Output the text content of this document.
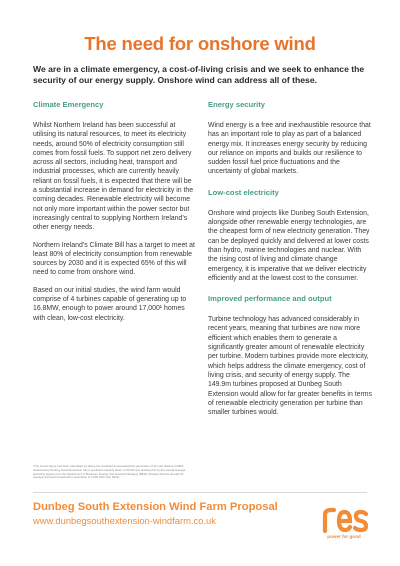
The need for onshore wind
We are in a climate emergency, a cost-of-living crisis and we seek to enhance the security of our energy supply. Onshore wind can address all of these.
Climate Emergency
Whilst Northern Ireland has been successful at utilising its natural resources, to meet its electricity needs, around 50% of electricity consumption still comes from fossil fuels. To support net zero delivery across all sectors, including heat, transport and industrial processes, which are currently heavily reliant on fossil fuels, it is expected that there will be a substantial increase in demand for electricity in the coming decades. Renewable electricity will become not only more important within the power sector but increasingly central to supplying Northern Ireland’s other energy needs.
Northern Ireland’s Climate Bill has a target to meet at least 80% of electricity consumption from renewable sources by 2030 and it is expected 65% of this will need to come from onshore wind.
Based on our initial studies, the wind farm would comprise of 4 turbines capable of generating up to 16.8MW, enough to power around 17,000¹ homes with clean, low-cost electricity.
¹The homes figure has been calculated by taking the predicted annual electricity generation of the site (based on RES assessment) Dunbeg South Extension has a predicted capacity factor of 30.5% and dividing this by the annual average electricity figures from the Department of Business, Energy and Industrial Strategy (BEIS) showing that the annual UK average domestic household consumption is 3,290 kWh (Jan 2024).
Energy security
Wind energy is a free and inexhaustible resource that has an important role to play as part of a balanced energy mix. It increases energy security by reducing our reliance on imports and builds our resilience to sudden fossil fuel price fluctuations and the uncertainty of global markets.
Low-cost electricity
Onshore wind projects like Dunbeg South Extension, alongside other renewable energy technologies, are the cheapest form of new electricity generation. They can be deployed quickly and delivered at lower costs than hydro, marine technologies and nuclear. With the rising cost of living and climate change emergency, it is imperative that we deliver electricity efficiently and at the lowest cost to the consumer.
Improved performance and output
Turbine technology has advanced considerably in recent years, meaning that turbines are now more efficient which enables them to generate a significantly greater amount of renewable electricity per turbine. Modern turbines provide more electricity, which helps address the climate emergency, cost of living crisis, and security of energy supply. The 149.9m turbines proposed at Dunbeg South Extension would allow for far greater benefits in terms of renewable electricity generation per turbine than smaller turbines would.
Dunbeg South Extension Wind Farm Proposal
www.dunbegsouthextension-windfarm.co.uk
power for good
